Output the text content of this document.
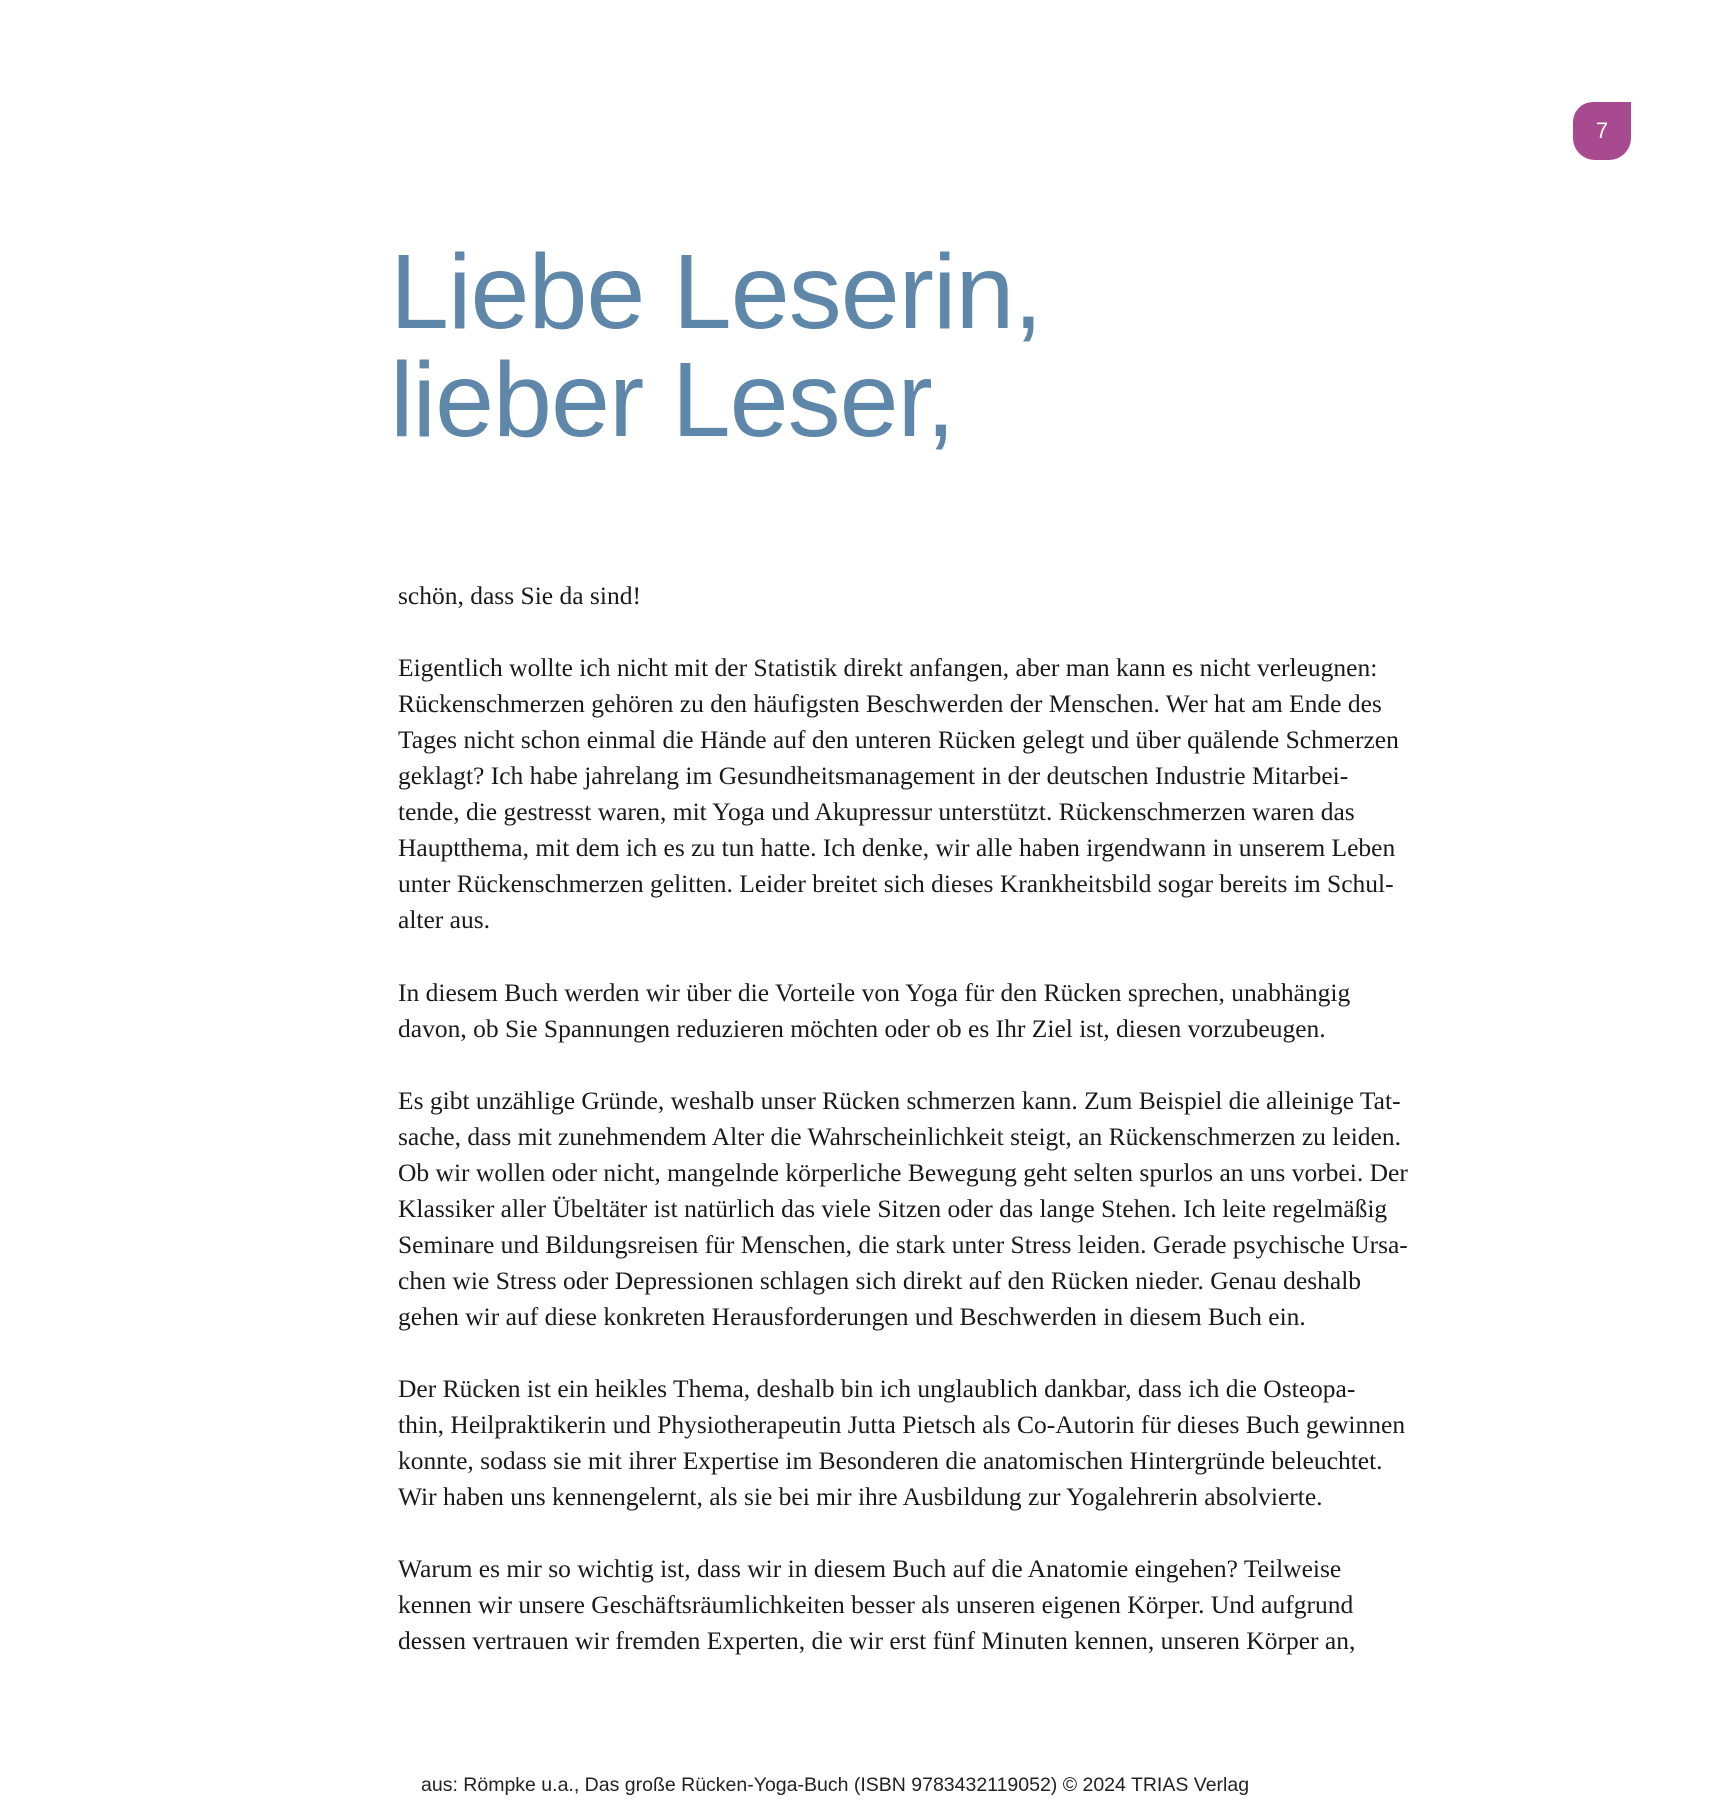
7
Liebe Leserin,
lieber Leser,

schön, dass Sie da sind!

Eigentlich wollte ich nicht mit der Statistik direkt anfangen, aber man kann es nicht verleugnen:
Rückenschmerzen gehören zu den häufigsten Beschwerden der Menschen. Wer hat am Ende des
Tages nicht schon einmal die Hände auf den unteren Rücken gelegt und über quälende Schmerzen
geklagt? Ich habe jahrelang im Gesundheitsmanagement in der deutschen Industrie Mitarbei-
tende, die gestresst waren, mit Yoga und Akupressur unterstützt. Rückenschmerzen waren das
Hauptthema, mit dem ich es zu tun hatte. Ich denke, wir alle haben irgendwann in unserem Leben
unter Rückenschmerzen gelitten. Leider breitet sich dieses Krankheitsbild sogar bereits im Schul-
alter aus.

In diesem Buch werden wir über die Vorteile von Yoga für den Rücken sprechen, unabhängig
davon, ob Sie Spannungen reduzieren möchten oder ob es Ihr Ziel ist, diesen vorzubeugen.

Es gibt unzählige Gründe, weshalb unser Rücken schmerzen kann. Zum Beispiel die alleinige Tat-
sache, dass mit zunehmendem Alter die Wahrscheinlichkeit steigt, an Rückenschmerzen zu leiden.
Ob wir wollen oder nicht, mangelnde körperliche Bewegung geht selten spurlos an uns vorbei. Der
Klassiker aller Übeltäter ist natürlich das viele Sitzen oder das lange Stehen. Ich leite regelmäßig
Seminare und Bildungsreisen für Menschen, die stark unter Stress leiden. Gerade psychische Ursa-
chen wie Stress oder Depressionen schlagen sich direkt auf den Rücken nieder. Genau deshalb
gehen wir auf diese konkreten Herausforderungen und Beschwerden in diesem Buch ein.

Der Rücken ist ein heikles Thema, deshalb bin ich unglaublich dankbar, dass ich die Osteopa-
thin, Heilpraktikerin und Physiotherapeutin Jutta Pietsch als Co-Autorin für dieses Buch gewinnen
konnte, sodass sie mit ihrer Expertise im Besonderen die anatomischen Hintergründe beleuchtet.
Wir haben uns kennengelernt, als sie bei mir ihre Ausbildung zur Yogalehrerin absolvierte.

Warum es mir so wichtig ist, dass wir in diesem Buch auf die Anatomie eingehen? Teilweise
kennen wir unsere Geschäftsräumlichkeiten besser als unseren eigenen Körper. Und aufgrund
dessen vertrauen wir fremden Experten, die wir erst fünf Minuten kennen, unseren Körper an,

aus: Römpke u.a., Das große Rücken-Yoga-Buch (ISBN 9783432119052) © 2024 TRIAS Verlag
